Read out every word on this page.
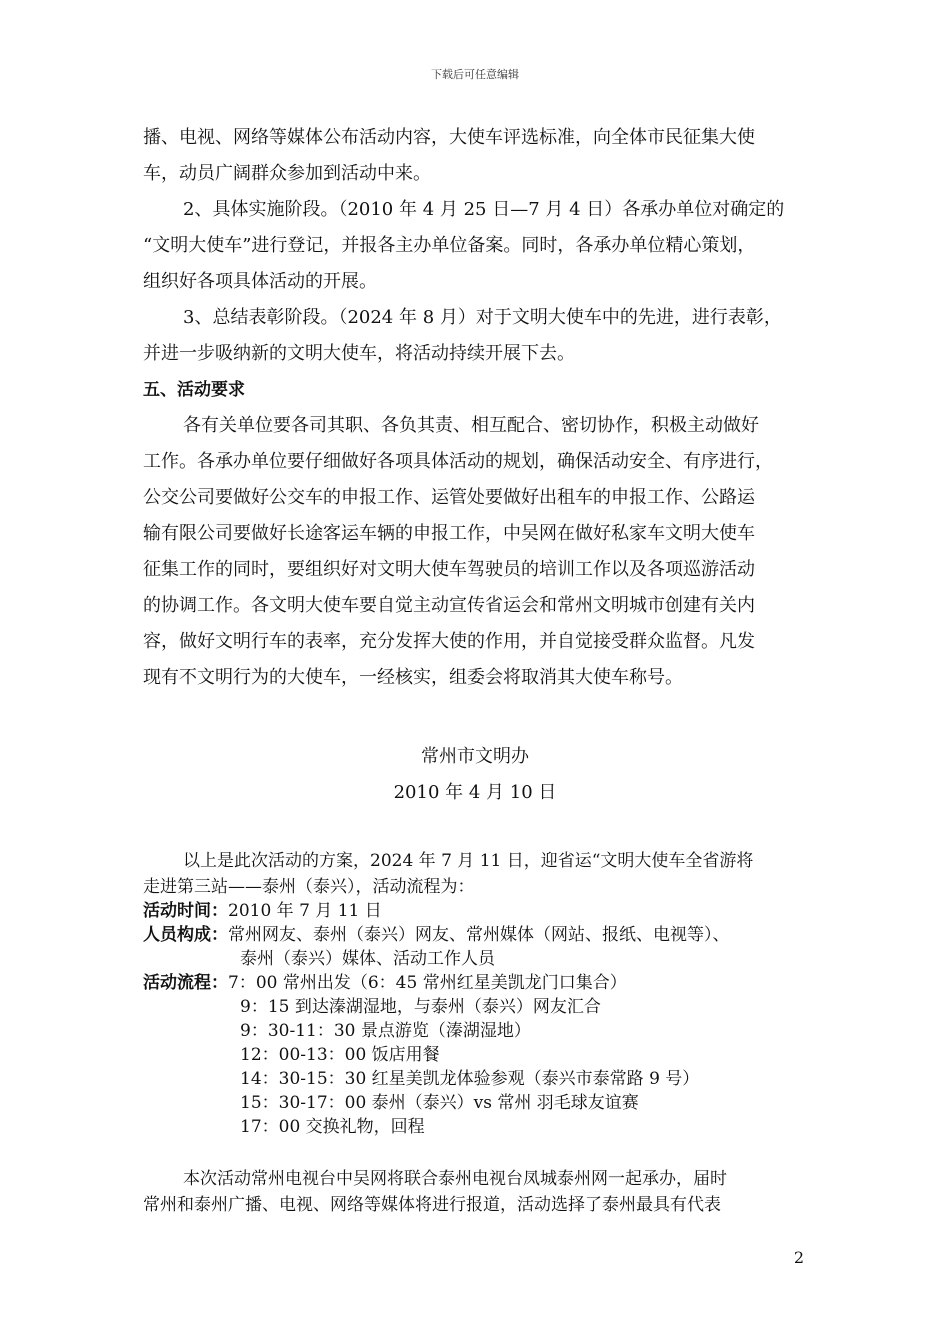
下载后可任意编辑
播、电视、网络等媒体公布活动内容，大使车评选标准，向全体市民征集大使
车，动员广阔群众参加到活动中来。
2、具体实施阶段。（2010 年 4 月 25 日—7 月 4 日）各承办单位对确定的
“文明大使车”进行登记，并报各主办单位备案。同时，各承办单位精心策划，
组织好各项具体活动的开展。
3、总结表彰阶段。（2024 年 8 月）对于文明大使车中的先进，进行表彰，
并进一步吸纳新的文明大使车，将活动持续开展下去。
五、活动要求
各有关单位要各司其职、各负其责、相互配合、密切协作，积极主动做好
工作。各承办单位要仔细做好各项具体活动的规划，确保活动安全、有序进行，
公交公司要做好公交车的申报工作、运管处要做好出租车的申报工作、公路运
输有限公司要做好长途客运车辆的申报工作，中吴网在做好私家车文明大使车
征集工作的同时，要组织好对文明大使车驾驶员的培训工作以及各项巡游活动
的协调工作。各文明大使车要自觉主动宣传省运会和常州文明城市创建有关内
容，做好文明行车的表率，充分发挥大使的作用，并自觉接受群众监督。凡发
现有不文明行为的大使车，一经核实，组委会将取消其大使车称号。
常州市文明办
2010 年 4 月 10 日
以上是此次活动的方案，2024 年 7 月 11 日，迎省运“文明大使车全省游将
走进第三站——泰州（泰兴），活动流程为：
活动时间：2010 年 7 月 11 日
人员构成：常州网友、泰州（泰兴）网友、常州媒体（网站、报纸、电视等）、
泰州（泰兴）媒体、活动工作人员
活动流程：7：00 常州出发（6：45 常州红星美凯龙门口集合）
9：15 到达溱湖湿地，与泰州（泰兴）网友汇合
9：30-11：30 景点游览（溱湖湿地）
12：00-13：00 饭店用餐
14：30-15：30 红星美凯龙体验参观（泰兴市泰常路 9 号）
15：30-17：00 泰州（泰兴）vs 常州 羽毛球友谊赛
17：00 交换礼物，回程
本次活动常州电视台中吴网将联合泰州电视台凤城泰州网一起承办，届时
常州和泰州广播、电视、网络等媒体将进行报道，活动选择了泰州最具有代表
2
